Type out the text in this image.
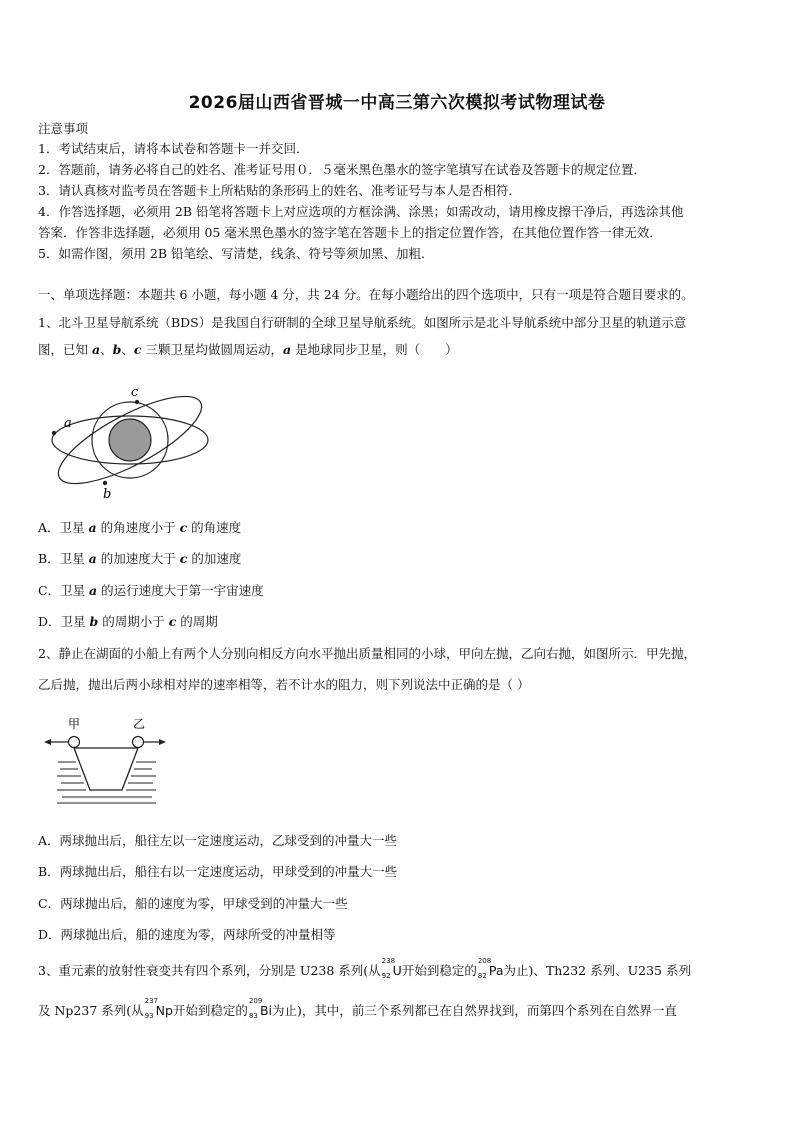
2026届山西省晋城一中高三第六次模拟考试物理试卷
注意事项
1．考试结束后，请将本试卷和答题卡一并交回．
2．答题前，请务必将自己的姓名、准考证号用０．５毫米黑色墨水的签字笔填写在试卷及答题卡的规定位置．
3．请认真核对监考员在答题卡上所粘贴的条形码上的姓名、准考证号与本人是否相符．
4．作答选择题，必须用 2B 铅笔将答题卡上对应选项的方框涂满、涂黑；如需改动，请用橡皮擦干净后，再选涂其他
答案．作答非选择题，必须用 05 毫米黑色墨水的签字笔在答题卡上的指定位置作答，在其他位置作答一律无效．
5．如需作图，须用 2B 铅笔绘、写清楚，线条、符号等须加黑、加粗．
一、单项选择题：本题共 6 小题，每小题 4 分，共 24 分。在每小题给出的四个选项中，只有一项是符合题目要求的。
1、北斗卫星导航系统（BDS）是我国自行研制的全球卫星导航系统。如图所示是北斗导航系统中部分卫星的轨道示意
图，已知 a、b、c 三颗卫星均做圆周运动，a 是地球同步卫星，则（　　）
c
a
b
A．卫星 a 的角速度小于 c 的角速度
B．卫星 a 的加速度大于 c 的加速度
C．卫星 a 的运行速度大于第一宇宙速度
D．卫星 b 的周期小于 c 的周期
2、静止在湖面的小船上有两个人分别向相反方向水平抛出质量相同的小球，甲向左抛，乙向右抛，如图所示．甲先抛，
乙后抛，抛出后两小球相对岸的速率相等，若不计水的阻力，则下列说法中正确的是（ ）
甲	乙
A．两球抛出后，船往左以一定速度运动，乙球受到的冲量大一些
B．两球抛出后，船往右以一定速度运动，甲球受到的冲量大一些
C．两球抛出后，船的速度为零，甲球受到的冲量大一些
D．两球抛出后，船的速度为零，两球所受的冲量相等
3、重元素的放射性衰变共有四个系列，分别是 U238 系列(从
238
92 U开始到稳定的
208
82 Pa为止)、Th232 系列、U235 系列
及 Np237 系列(从
237
93 Np开始到稳定的
209
83 Bi为止)，其中，前三个系列都已在自然界找到，而第四个系列在自然界一直
